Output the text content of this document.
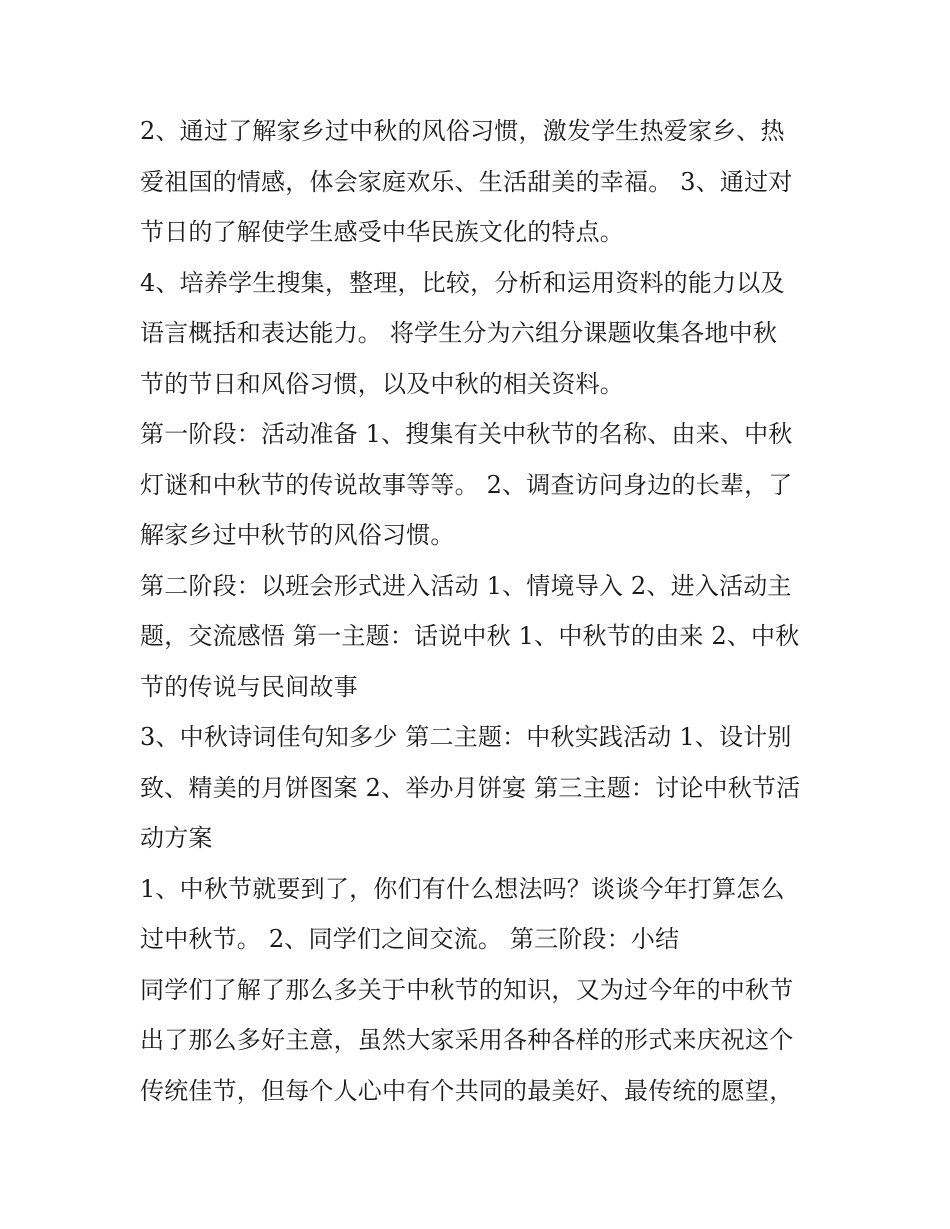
2、通过了解家乡过中秋的风俗习惯，激发学生热爱家乡、热
爱祖国的情感，体会家庭欢乐、生活甜美的幸福。 3、通过对
节日的了解使学生感受中华民族文化的特点。
4、培养学生搜集，整理，比较，分析和运用资料的能力以及
语言概括和表达能力。 将学生分为六组分课题收集各地中秋
节的节日和风俗习惯，以及中秋的相关资料。
第一阶段：活动准备 1、搜集有关中秋节的名称、由来、中秋
灯谜和中秋节的传说故事等等。 2、调查访问身边的长辈，了
解家乡过中秋节的风俗习惯。
第二阶段：以班会形式进入活动 1、情境导入 2、进入活动主
题，交流感悟 第一主题：话说中秋 1、中秋节的由来 2、中秋
节的传说与民间故事
3、中秋诗词佳句知多少 第二主题：中秋实践活动 1、设计别
致、精美的月饼图案 2、举办月饼宴 第三主题：讨论中秋节活
动方案
1、中秋节就要到了，你们有什么想法吗？谈谈今年打算怎么
过中秋节。 2、同学们之间交流。 第三阶段：小结
同学们了解了那么多关于中秋节的知识，又为过今年的中秋节
出了那么多好主意，虽然大家采用各种各样的形式来庆祝这个
传统佳节，但每个人心中有个共同的最美好、最传统的愿望，
